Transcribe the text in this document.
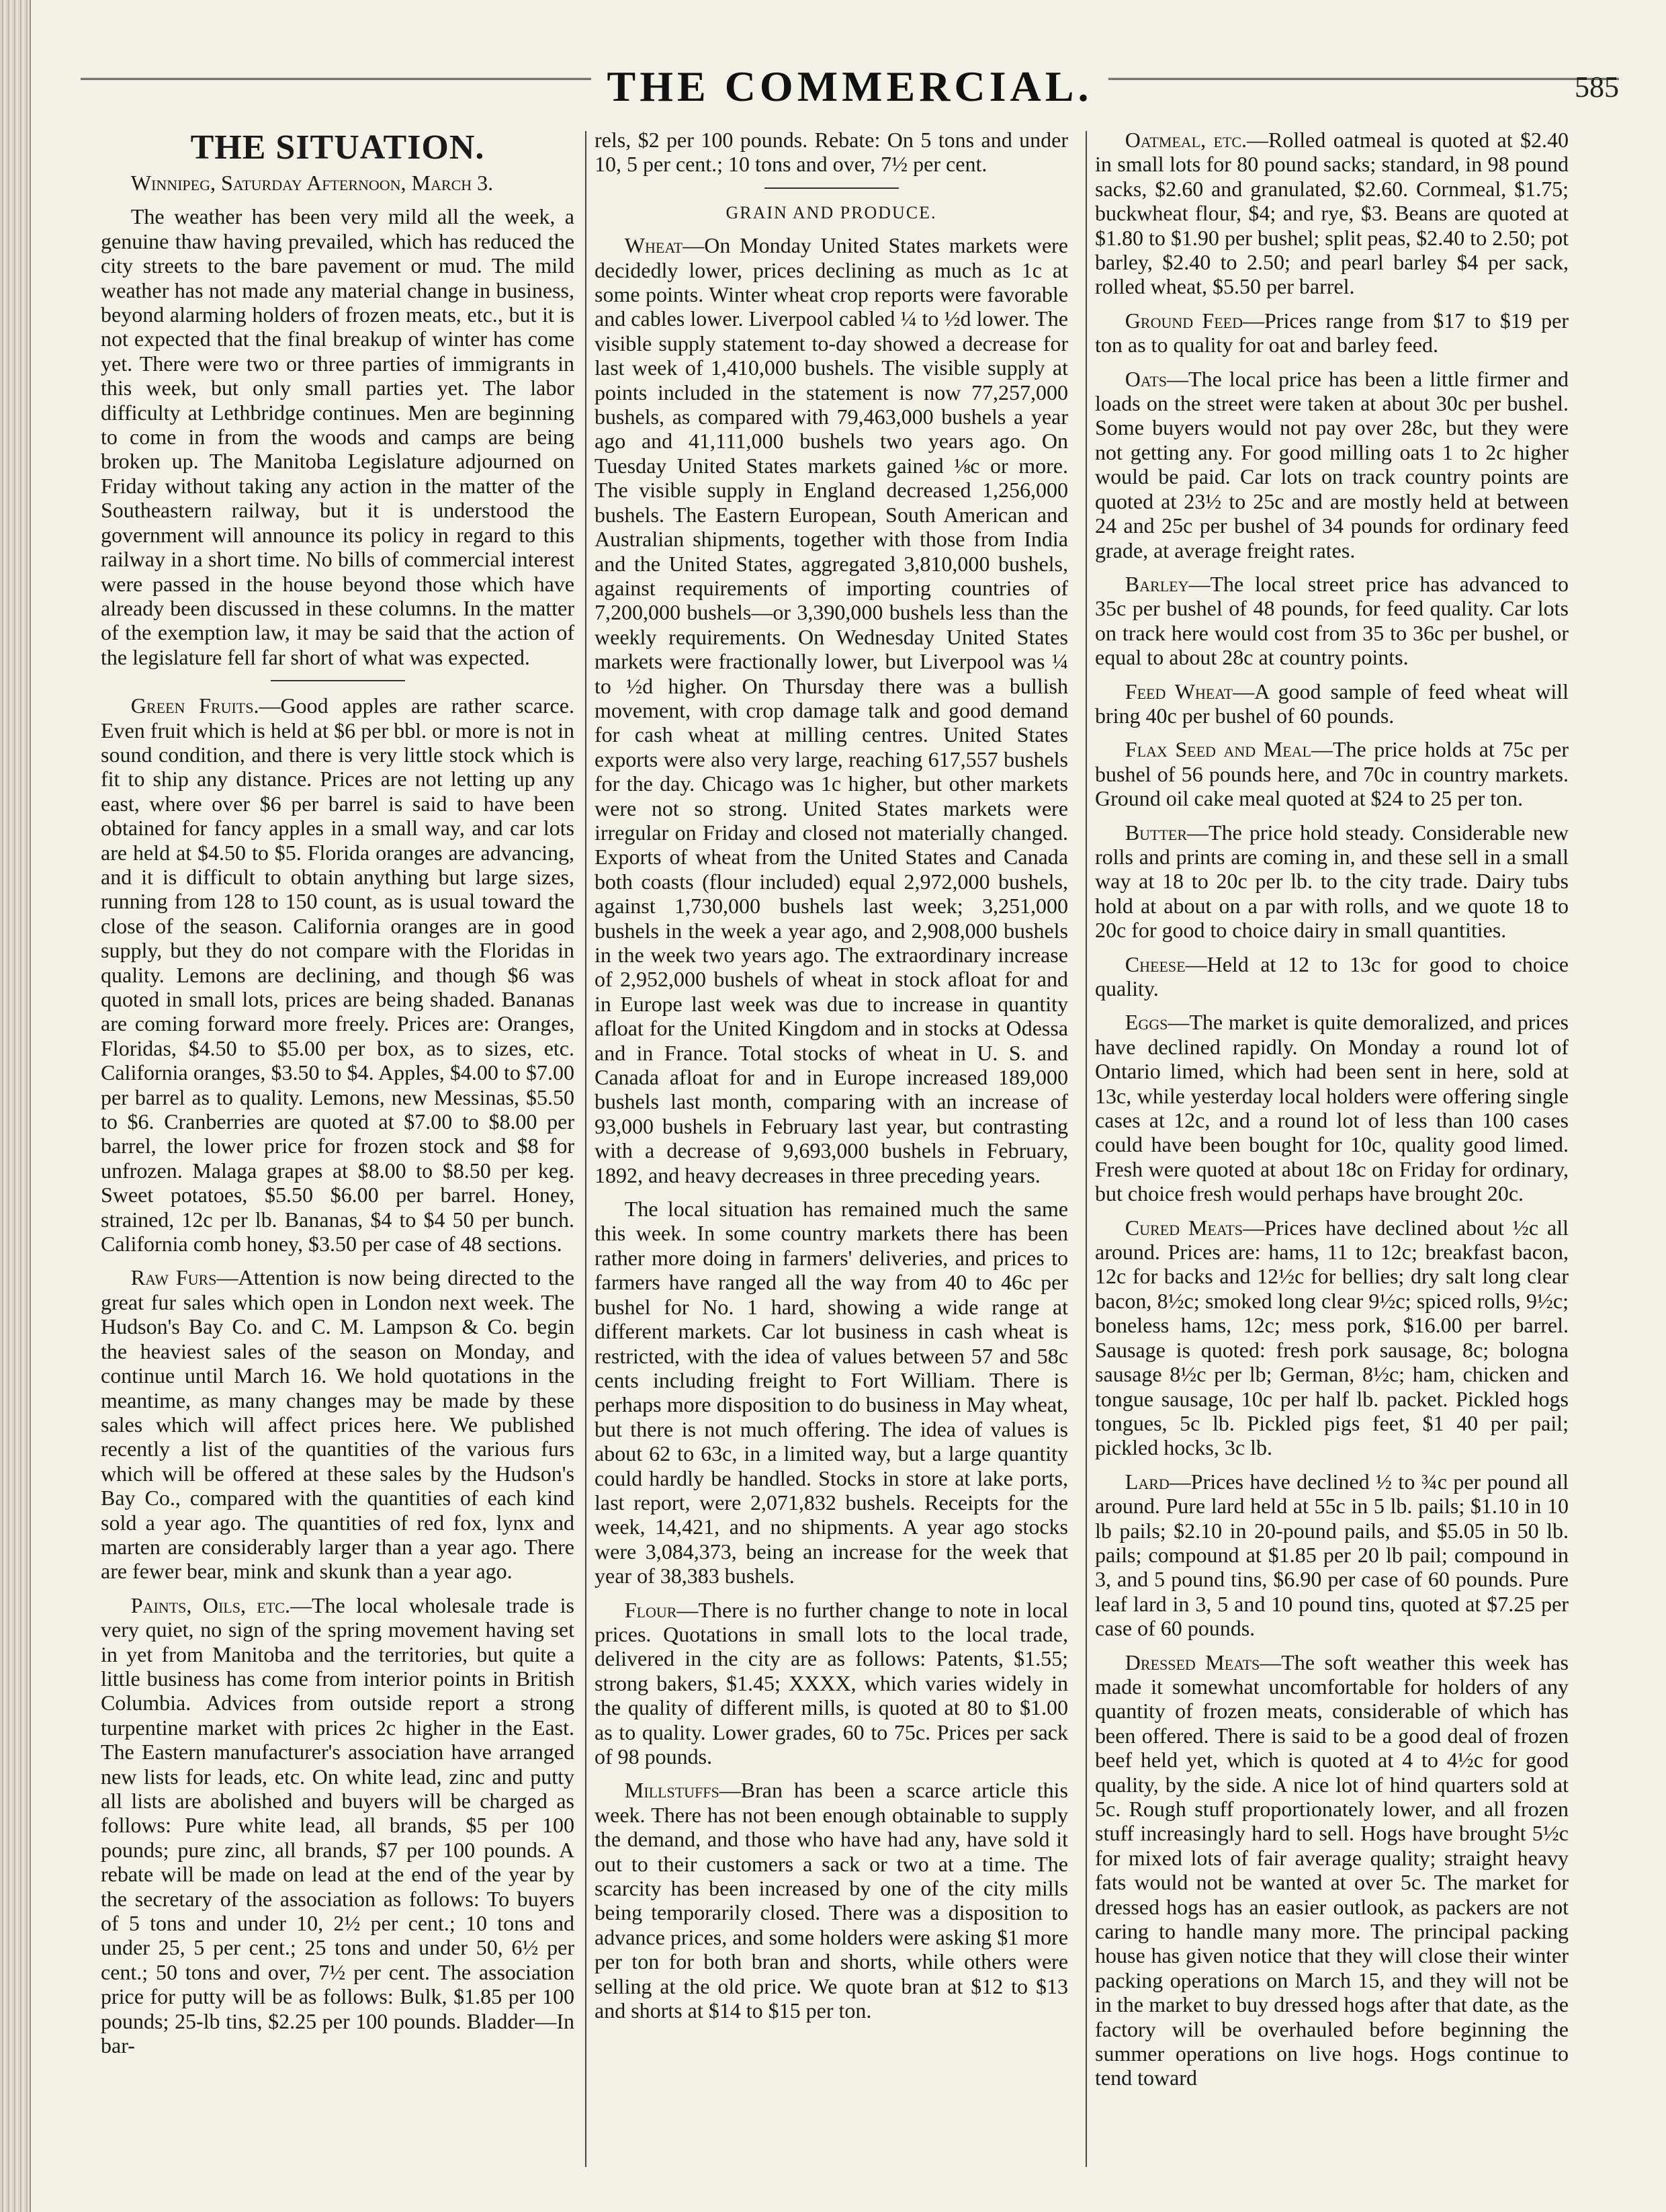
THE COMMERCIAL.	585
THE SITUATION.

Winnipeg, Saturday Afternoon, March 3.

The weather has been very mild all the week, a genuine thaw having prevailed, which has reduced the city streets to the bare pavement or mud. The mild weather has not made any material change in business, beyond alarming holders of frozen meats, etc., but it is not expected that the final breakup of winter has come yet. There were two or three parties of immigrants in this week, but only small parties yet. The labor difficulty at Lethbridge continues. Men are beginning to come in from the woods and camps are being broken up. The Manitoba Legislature adjourned on Friday without taking any action in the matter of the Southeastern railway, but it is understood the government will announce its policy in regard to this railway in a short time. No bills of commercial interest were passed in the house beyond those which have already been discussed in these columns. In the matter of the exemption law, it may be said that the action of the legislature fell far short of what was expected.

Green Fruits.—Good apples are rather scarce. Even fruit which is held at $6 per bbl. or more is not in sound condition, and there is very little stock which is fit to ship any distance. Prices are not letting up any east, where over $6 per barrel is said to have been obtained for fancy apples in a small way, and car lots are held at $4.50 to $5. Florida oranges are advancing, and it is difficult to obtain anything but large sizes, running from 128 to 150 count, as is usual toward the close of the season. California oranges are in good supply, but they do not compare with the Floridas in quality. Lemons are declining, and though $6 was quoted in small lots, prices are being shaded. Bananas are coming forward more freely. Prices are: Oranges, Floridas, $4.50 to $5.00 per box, as to sizes, etc. California oranges, $3.50 to $4. Apples, $4.00 to $7.00 per barrel as to quality. Lemons, new Messinas, $5.50 to $6. Cranberries are quoted at $7.00 to $8.00 per barrel, the lower price for frozen stock and $8 for unfrozen. Malaga grapes at $8.00 to $8.50 per keg. Sweet potatoes, $5.50 $6.00 per barrel. Honey, strained, 12c per lb. Bananas, $4 to $4 50 per bunch. California comb honey, $3.50 per case of 48 sections.

Raw Furs—Attention is now being directed to the great fur sales which open in London next week. The Hudson's Bay Co. and C. M. Lampson & Co. begin the heaviest sales of the season on Monday, and continue until March 16. We hold quotations in the meantime, as many changes may be made by these sales which will affect prices here. We published recently a list of the quantities of the various furs which will be offered at these sales by the Hudson's Bay Co., compared with the quantities of each kind sold a year ago. The quantities of red fox, lynx and marten are considerably larger than a year ago. There are fewer bear, mink and skunk than a year ago.

Paints, Oils, etc.—The local wholesale trade is very quiet, no sign of the spring movement having set in yet from Manitoba and the territories, but quite a little business has come from interior points in British Columbia. Advices from outside report a strong turpentine market with prices 2c higher in the East. The Eastern manufacturer's association have arranged new lists for leads, etc. On white lead, zinc and putty all lists are abolished and buyers will be charged as follows: Pure white lead, all brands, $5 per 100 pounds; pure zinc, all brands, $7 per 100 pounds. A rebate will be made on lead at the end of the year by the secretary of the association as follows: To buyers of 5 tons and under 10, 2½ per cent.; 10 tons and under 25, 5 per cent.; 25 tons and under 50, 6½ per cent.; 50 tons and over, 7½ per cent. The association price for putty will be as follows: Bulk, $1.85 per 100 pounds; 25-lb tins, $2.25 per 100 pounds. Bladder—In bar-

rels, $2 per 100 pounds. Rebate: On 5 tons and under 10, 5 per cent.; 10 tons and over, 7½ per cent.

GRAIN AND PRODUCE.

Wheat—On Monday United States markets were decidedly lower, prices declining as much as 1c at some points. Winter wheat crop reports were favorable and cables lower. Liverpool cabled ¼ to ½d lower. The visible supply statement to-day showed a decrease for last week of 1,410,000 bushels. The visible supply at points included in the statement is now 77,257,000 bushels, as compared with 79,463,000 bushels a year ago and 41,111,000 bushels two years ago. On Tuesday United States markets gained ⅛c or more. The visible supply in England decreased 1,256,000 bushels. The Eastern European, South American and Australian shipments, together with those from India and the United States, aggregated 3,810,000 bushels, against requirements of importing countries of 7,200,000 bushels—or 3,390,000 bushels less than the weekly requirements. On Wednesday United States markets were fractionally lower, but Liverpool was ¼ to ½d higher. On Thursday there was a bullish movement, with crop damage talk and good demand for cash wheat at milling centres. United States exports were also very large, reaching 617,557 bushels for the day. Chicago was 1c higher, but other markets were not so strong. United States markets were irregular on Friday and closed not materially changed. Exports of wheat from the United States and Canada both coasts (flour included) equal 2,972,000 bushels, against 1,730,000 bushels last week; 3,251,000 bushels in the week a year ago, and 2,908,000 bushels in the week two years ago. The extraordinary increase of 2,952,000 bushels of wheat in stock afloat for and in Europe last week was due to increase in quantity afloat for the United Kingdom and in stocks at Odessa and in France. Total stocks of wheat in U. S. and Canada afloat for and in Europe increased 189,000 bushels last month, comparing with an increase of 93,000 bushels in February last year, but contrasting with a decrease of 9,693,000 bushels in February, 1892, and heavy decreases in three preceding years.

The local situation has remained much the same this week. In some country markets there has been rather more doing in farmers' deliveries, and prices to farmers have ranged all the way from 40 to 46c per bushel for No. 1 hard, showing a wide range at different markets. Car lot business in cash wheat is restricted, with the idea of values between 57 and 58c cents including freight to Fort William. There is perhaps more disposition to do business in May wheat, but there is not much offering. The idea of values is about 62 to 63c, in a limited way, but a large quantity could hardly be handled. Stocks in store at lake ports, last report, were 2,071,832 bushels. Receipts for the week, 14,421, and no shipments. A year ago stocks were 3,084,373, being an increase for the week that year of 38,383 bushels.

Flour—There is no further change to note in local prices. Quotations in small lots to the local trade, delivered in the city are as follows: Patents, $1.55; strong bakers, $1.45; XXXX, which varies widely in the quality of different mills, is quoted at 80 to $1.00 as to quality. Lower grades, 60 to 75c. Prices per sack of 98 pounds.

Millstuffs—Bran has been a scarce article this week. There has not been enough obtainable to supply the demand, and those who have had any, have sold it out to their customers a sack or two at a time. The scarcity has been increased by one of the city mills being temporarily closed. There was a disposition to advance prices, and some holders were asking $1 more per ton for both bran and shorts, while others were selling at the old price. We quote bran at $12 to $13 and shorts at $14 to $15 per ton.

Oatmeal, etc.—Rolled oatmeal is quoted at $2.40 in small lots for 80 pound sacks; standard, in 98 pound sacks, $2.60 and granulated, $2.60. Cornmeal, $1.75; buckwheat flour, $4; and rye, $3. Beans are quoted at $1.80 to $1.90 per bushel; split peas, $2.40 to 2.50; pot barley, $2.40 to 2.50; and pearl barley $4 per sack, rolled wheat, $5.50 per barrel.

Ground Feed—Prices range from $17 to $19 per ton as to quality for oat and barley feed.

Oats—The local price has been a little firmer and loads on the street were taken at about 30c per bushel. Some buyers would not pay over 28c, but they were not getting any. For good milling oats 1 to 2c higher would be paid. Car lots on track country points are quoted at 23½ to 25c and are mostly held at between 24 and 25c per bushel of 34 pounds for ordinary feed grade, at average freight rates.

Barley—The local street price has advanced to 35c per bushel of 48 pounds, for feed quality. Car lots on track here would cost from 35 to 36c per bushel, or equal to about 28c at country points.

Feed Wheat—A good sample of feed wheat will bring 40c per bushel of 60 pounds.

Flax Seed and Meal—The price holds at 75c per bushel of 56 pounds here, and 70c in country markets. Ground oil cake meal quoted at $24 to 25 per ton.

Butter—The price hold steady. Considerable new rolls and prints are coming in, and these sell in a small way at 18 to 20c per lb. to the city trade. Dairy tubs hold at about on a par with rolls, and we quote 18 to 20c for good to choice dairy in small quantities.

Cheese—Held at 12 to 13c for good to choice quality.

Eggs—The market is quite demoralized, and prices have declined rapidly. On Monday a round lot of Ontario limed, which had been sent in here, sold at 13c, while yesterday local holders were offering single cases at 12c, and a round lot of less than 100 cases could have been bought for 10c, quality good limed. Fresh were quoted at about 18c on Friday for ordinary, but choice fresh would perhaps have brought 20c.

Cured Meats—Prices have declined about ½c all around. Prices are: hams, 11 to 12c; breakfast bacon, 12c for backs and 12½c for bellies; dry salt long clear bacon, 8½c; smoked long clear 9½c; spiced rolls, 9½c; boneless hams, 12c; mess pork, $16.00 per barrel. Sausage is quoted: fresh pork sausage, 8c; bologna sausage 8½c per lb; German, 8½c; ham, chicken and tongue sausage, 10c per half lb. packet. Pickled hogs tongues, 5c lb. Pickled pigs feet, $1 40 per pail; pickled hocks, 3c lb.

Lard—Prices have declined ½ to ¾c per pound all around. Pure lard held at 55c in 5 lb. pails; $1.10 in 10 lb pails; $2.10 in 20-pound pails, and $5.05 in 50 lb. pails; compound at $1.85 per 20 lb pail; compound in 3, and 5 pound tins, $6.90 per case of 60 pounds. Pure leaf lard in 3, 5 and 10 pound tins, quoted at $7.25 per case of 60 pounds.

Dressed Meats—The soft weather this week has made it somewhat uncomfortable for holders of any quantity of frozen meats, considerable of which has been offered. There is said to be a good deal of frozen beef held yet, which is quoted at 4 to 4½c for good quality, by the side. A nice lot of hind quarters sold at 5c. Rough stuff proportionately lower, and all frozen stuff increasingly hard to sell. Hogs have brought 5½c for mixed lots of fair average quality; straight heavy fats would not be wanted at over 5c. The market for dressed hogs has an easier outlook, as packers are not caring to handle many more. The principal packing house has given notice that they will close their winter packing operations on March 15, and they will not be in the market to buy dressed hogs after that date, as the factory will be overhauled before beginning the summer operations on live hogs. Hogs continue to tend toward
